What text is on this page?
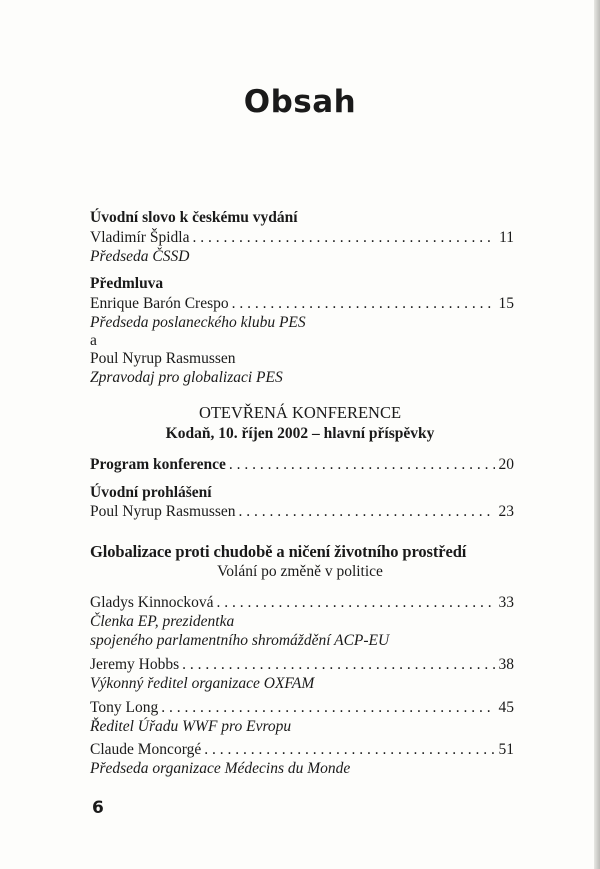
Obsah
Úvodní slovo k českému vydání
Vladimír Špidla . . .	11
Předseda ČSSD
Předmluva
Enrique Barón Crespo . . .	15
Předseda poslaneckého klubu PES
a
Poul Nyrup Rasmussen
Zpravodaj pro globalizaci PES
OTEVŘENÁ KONFERENCE
Kodaň, 10. říjen 2002 – hlavní příspěvky
Program konference . . .	20
Úvodní prohlášení
Poul Nyrup Rasmussen . . .	23
Globalizace proti chudobě a ničení životního prostředí
Volání po změně v politice
Gladys Kinnocková . . .	33
Členka EP, prezidentka
spojeného parlamentního shromáždění ACP-EU
Jeremy Hobbs . . .	38
Výkonný ředitel organizace OXFAM
Tony Long . . .	45
Ředitel Úřadu WWF pro Evropu
Claude Moncorgé . . .	51
Předseda organizace Médecins du Monde
6
